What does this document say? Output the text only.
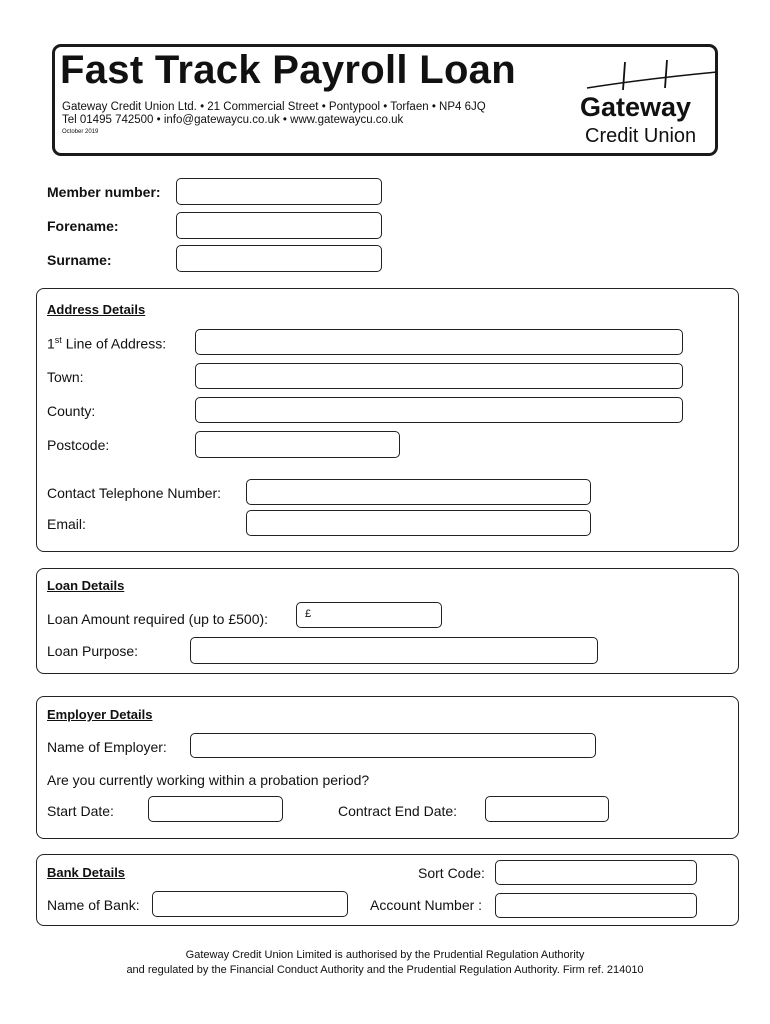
Fast Track Payroll Loan
Gateway Credit Union Ltd. • 21 Commercial Street • Pontypool • Torfaen • NP4 6JQ
Tel 01495 742500 • info@gatewaycu.co.uk • www.gatewaycu.co.uk
October 2019
Gateway
Credit Union
Member number:
Forename:
Surname:
Address Details
1st Line of Address:
Town:
County:
Postcode:
Contact Telephone Number:
Email:
Loan Details
Loan Amount required (up to £500):	£
Loan Purpose:
Employer Details
Name of Employer:
Are you currently working within a probation period?
Start Date:	Contract End Date:
Bank Details	Sort Code:
Name of Bank:	Account Number :
Gateway Credit Union Limited is authorised by the Prudential Regulation Authority
and regulated by the Financial Conduct Authority and the Prudential Regulation Authority. Firm ref. 214010
